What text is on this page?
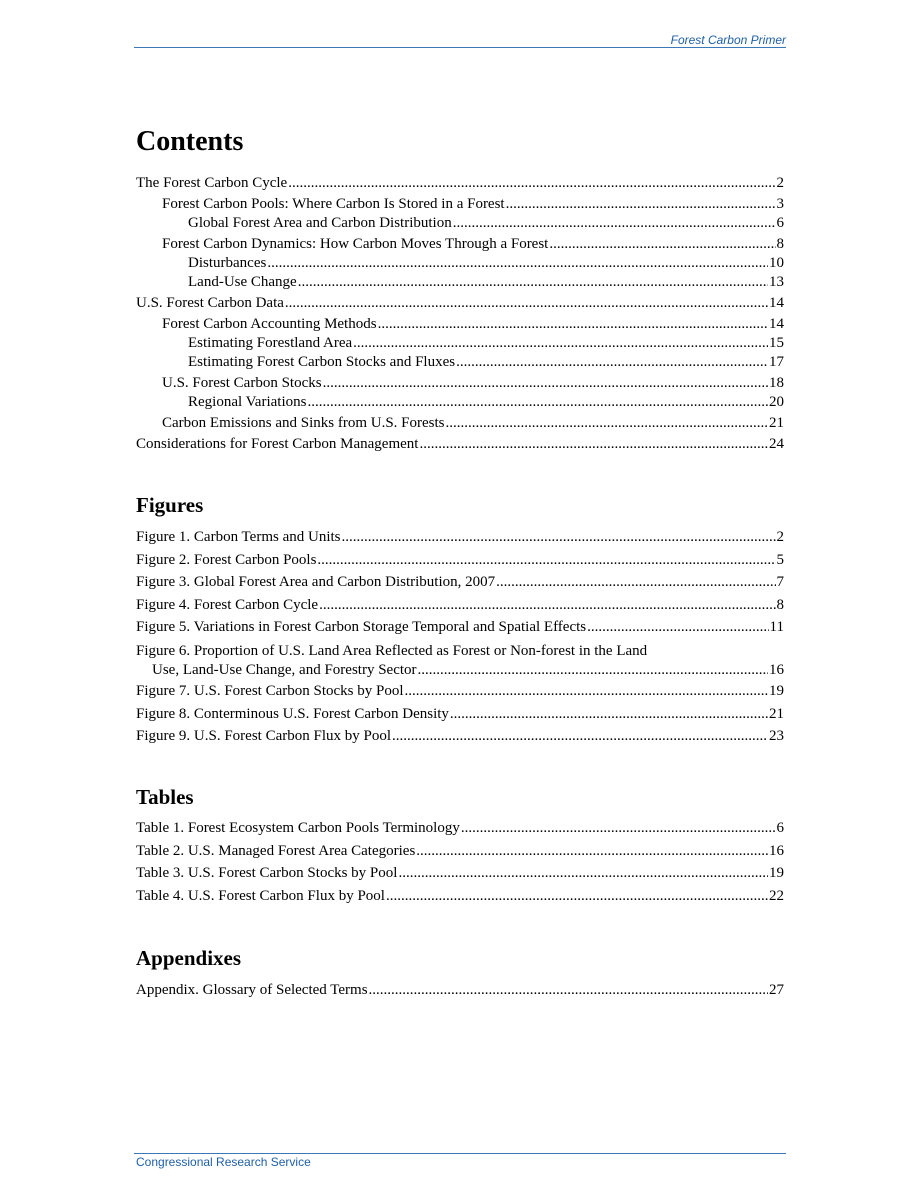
Forest Carbon Primer
Contents
The Forest Carbon Cycle .....	2
Forest Carbon Pools: Where Carbon Is Stored in a Forest .....	3
Global Forest Area and Carbon Distribution .....	6
Forest Carbon Dynamics: How Carbon Moves Through a Forest .....	8
Disturbances .....	10
Land-Use Change .....	13
U.S. Forest Carbon Data .....	14
Forest Carbon Accounting Methods .....	14
Estimating Forestland Area .....	15
Estimating Forest Carbon Stocks and Fluxes .....	17
U.S. Forest Carbon Stocks .....	18
Regional Variations .....	20
Carbon Emissions and Sinks from U.S. Forests .....	21
Considerations for Forest Carbon Management .....	24
Figures
Figure 1. Carbon Terms and Units .....	2
Figure 2. Forest Carbon Pools .....	5
Figure 3. Global Forest Area and Carbon Distribution, 2007 .....	7
Figure 4. Forest Carbon Cycle .....	8
Figure 5. Variations in Forest Carbon Storage Temporal and Spatial Effects .....	11
Figure 6. Proportion of U.S. Land Area Reflected as Forest or Non-forest in the Land
Use, Land-Use Change, and Forestry Sector .....	16
Figure 7. U.S. Forest Carbon Stocks by Pool .....	19
Figure 8. Conterminous U.S. Forest Carbon Density .....	21
Figure 9. U.S. Forest Carbon Flux by Pool .....	23
Tables
Table 1. Forest Ecosystem Carbon Pools Terminology .....	6
Table 2. U.S. Managed Forest Area Categories .....	16
Table 3. U.S. Forest Carbon Stocks by Pool .....	19
Table 4. U.S. Forest Carbon Flux by Pool .....	22
Appendixes
Appendix. Glossary of Selected Terms .....	27
Congressional Research Service
